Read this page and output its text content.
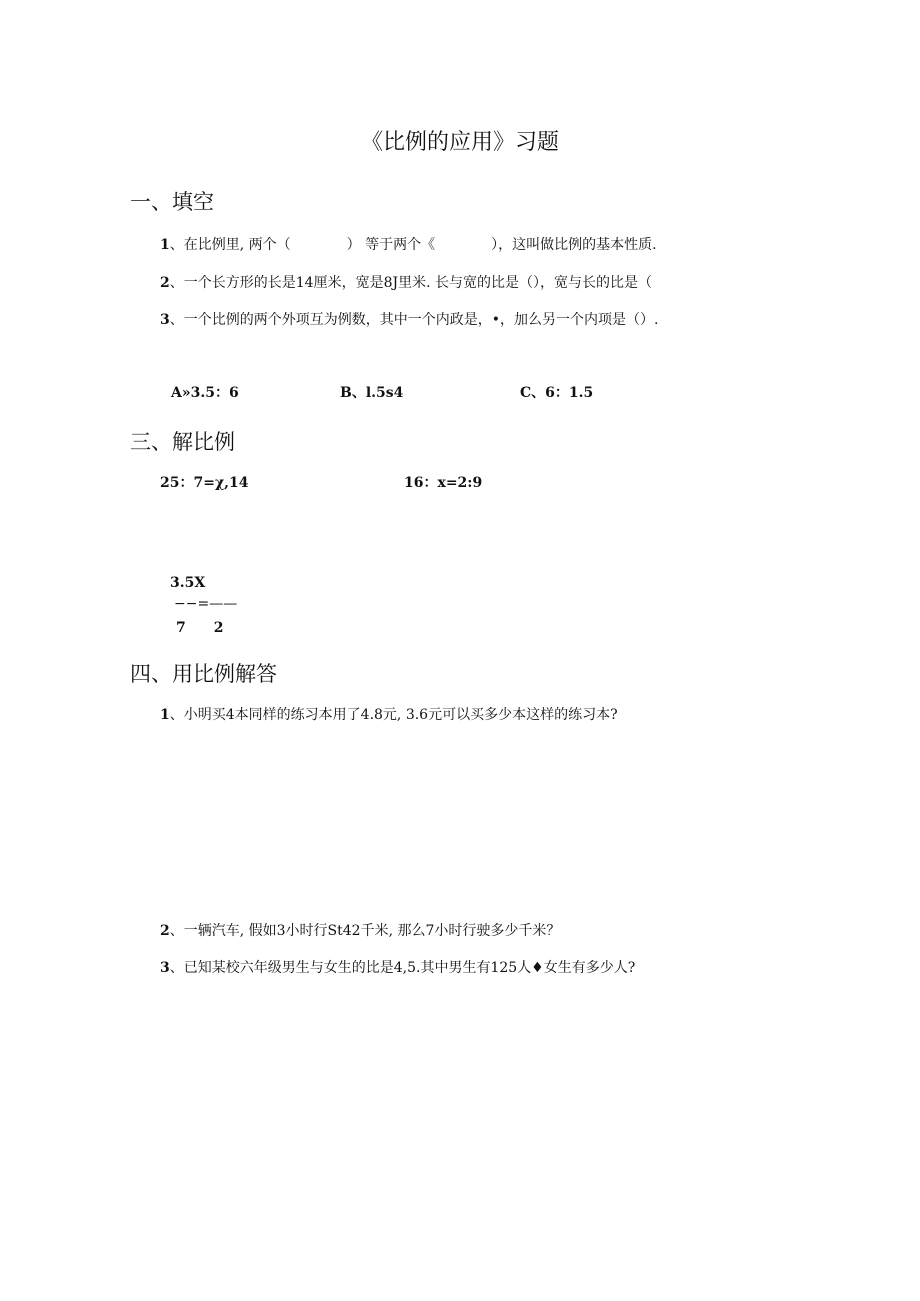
《比例的应用》习题
一、填空
1、在比例里, 两个（　　　　） 等于两个《　　　　），这叫做比例的基本性质.
2、一个长方形的长是14厘米，宽是8J里米. 长与宽的比是（），宽与长的比是（
3、一个比例的两个外项互为例数，其中一个内政是，•，加么另一个内项是（）.
A»3.5：6	B、l.5s4	C、6：1.5
三、解比例
25：7=χ,14	16：x=2:9
3.5X
−−=——
7　　2
四、用比例解答
1、小明买4本同样的练习本用了4.8元, 3.6元可以买多少本这样的练习本?
2、一辆汽车, 假如3小时行St42千米, 那么7小时行驶多少千米？
3、已知某校六年级男生与女生的比是4,5.其中男生有125人♦女生有多少人?
